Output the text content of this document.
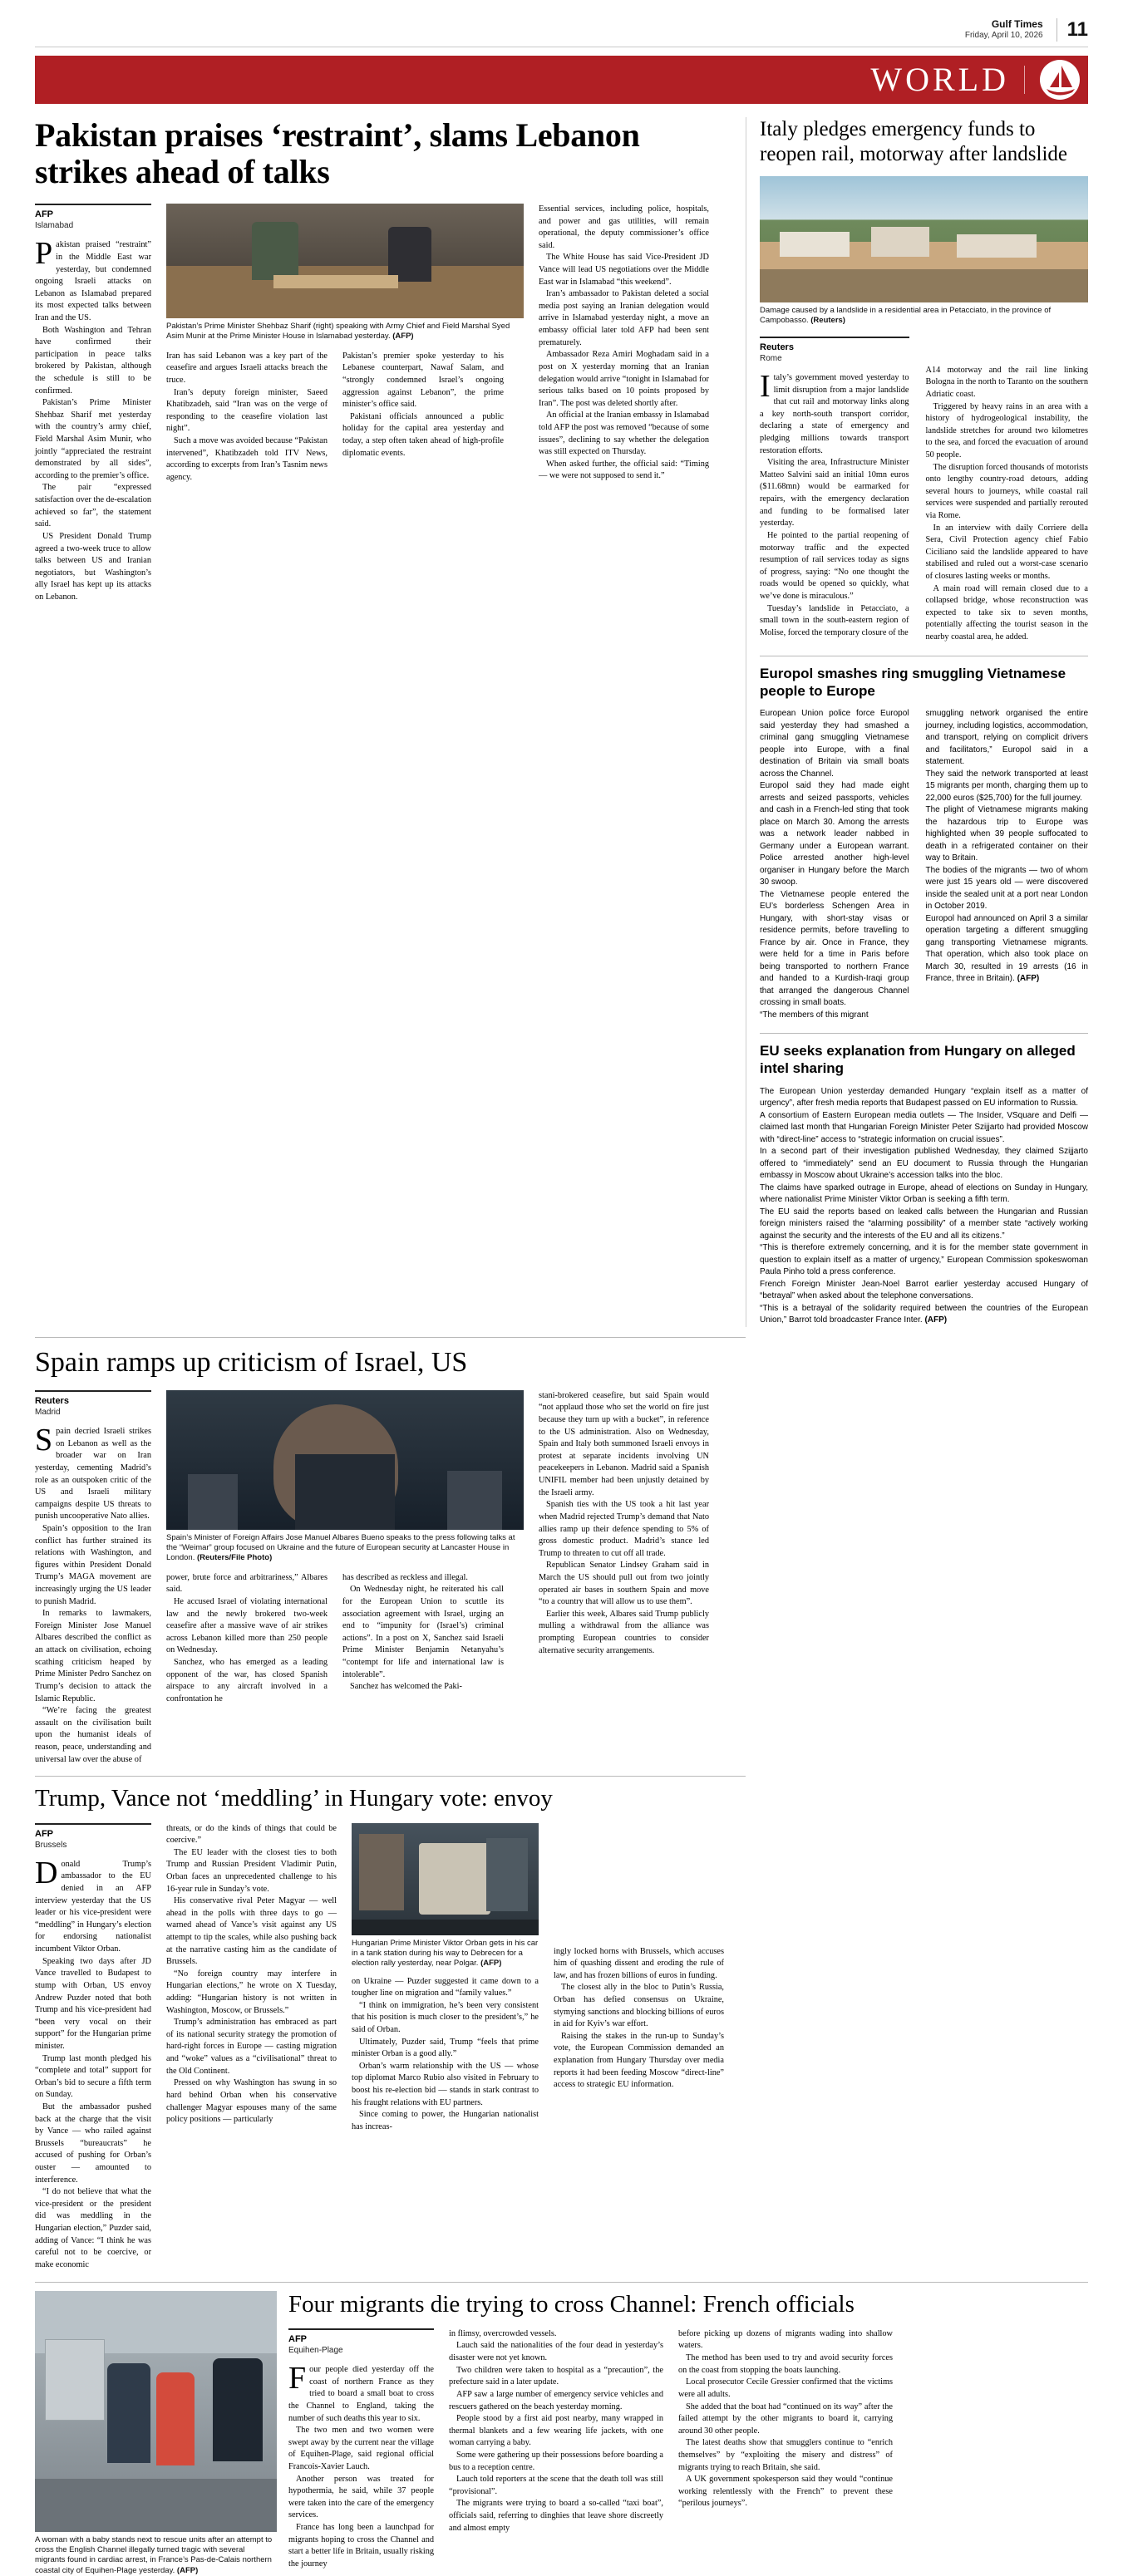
Gulf Times
Friday, April 10, 2026	11
WORLD
Pakistan praises ‘restraint’, slams Lebanon strikes ahead of talks
AFP
Islamabad

Pakistan praised “restraint” in the Middle East war yesterday, but condemned ongoing Israeli attacks on Lebanon as Islamabad prepared its most expected talks between Iran and the US.

Both Washington and Tehran have confirmed their participation in peace talks brokered by Pakistan, although the schedule is still to be confirmed.

Pakistan’s Prime Minister Shehbaz Sharif met yesterday with the country’s army chief, Field Marshal Asim Munir, who jointly “appreciated the restraint demonstrated by all sides”, according to the premier’s office.

The pair “expressed satisfaction over the de-escalation achieved so far”, the statement said.

US President Donald Trump agreed a two-week truce to allow talks between US and Iranian negotiators, but Washington’s ally Israel has kept up its attacks on Lebanon.

Pakistan’s Prime Minister Shehbaz Sharif (right) speaking with Army Chief and Field Marshal Syed Asim Munir at the Prime Minister House in Islamabad yesterday. (AFP)

Iran has said Lebanon was a key part of the ceasefire and argues Israeli attacks breach the truce.

Iran’s deputy foreign minister, Saeed Khatibzadeh, said “Iran was on the verge of responding to the ceasefire violation last night”.

Such a move was avoided because “Pakistan intervened”, Khatibzadeh told ITV News, according to excerpts from Iran’s Tasnim news agency.

Pakistan’s premier spoke yesterday to his Lebanese counterpart, Nawaf Salam, and “strongly condemned Israel’s ongoing aggression against Lebanon”, the prime minister’s office said.

Pakistani officials announced a public holiday for the capital area yesterday and today, a step often taken ahead of high-profile diplomatic events.

Essential services, including police, hospitals, and power and gas utilities, will remain operational, the deputy commissioner’s office said.

The White House has said Vice-President JD Vance will lead US negotiations over the Middle East war in Islamabad “this weekend”.

Iran’s ambassador to Pakistan deleted a social media post saying an Iranian delegation would arrive in Islamabad yesterday night, a move an embassy official later told AFP had been sent prematurely.

Ambassador Reza Amiri Moghadam said in a post on X yesterday morning that an Iranian delegation would arrive “tonight in Islamabad for serious talks based on 10 points proposed by Iran”. The post was deleted shortly after.

An official at the Iranian embassy in Islamabad told AFP the post was removed “because of some issues”, declining to say whether the delegation was still expected on Thursday.

When asked further, the official said: “Timing — we were not supposed to send it.”

Italy pledges emergency funds to reopen rail, motorway after landslide

Damage caused by a landslide in a residential area in Petacciato, in the province of Campobasso. (Reuters)

Reuters
Rome

Italy’s government moved yesterday to limit disruption from a major landslide that cut rail and motorway links along a key north-south transport corridor, declaring a state of emergency and pledging millions towards transport restoration efforts.

Visiting the area, Infrastructure Minister Matteo Salvini said an initial 10mn euros ($11.68mn) would be earmarked for repairs, with the emergency declaration and funding to be formalised later yesterday.

He pointed to the partial reopening of motorway traffic and the expected resumption of rail services today as signs of progress, saying: “No one thought the roads would be opened so quickly, what we’ve done is miraculous.”

Tuesday’s landslide in Petacciato, a small town in the south-eastern region of Molise, forced the temporary closure of the

A14 motorway and the rail line linking Bologna in the north to Taranto on the southern Adriatic coast.

Triggered by heavy rains in an area with a history of hydrogeological instability, the landslide stretches for around two kilometres to the sea, and forced the evacuation of around 50 people.

The disruption forced thousands of motorists onto lengthy country-road detours, adding several hours to journeys, while coastal rail services were suspended and partially rerouted via Rome.

In an interview with daily Corriere della Sera, Civil Protection agency chief Fabio Ciciliano said the landslide appeared to have stabilised and ruled out a worst-case scenario of closures lasting weeks or months.

A main road will remain closed due to a collapsed bridge, whose reconstruction was expected to take six to seven months, potentially affecting the tourist season in the nearby coastal area, he added.

Europol smashes ring smuggling Vietnamese people to Europe

European Union police force Europol said yesterday they had smashed a criminal gang smuggling Vietnamese people into Europe, with a final destination of Britain via small boats across the Channel.

Europol said they had made eight arrests and seized passports, vehicles and cash in a French-led sting that took place on March 30. Among the arrests was a network leader nabbed in Germany under a European warrant. Police arrested another high-level organiser in Hungary before the March 30 swoop.

The Vietnamese people entered the EU’s borderless Schengen Area in Hungary, with short-stay visas or residence permits, before travelling to France by air. Once in France, they were held for a time in Paris before being transported to northern France and handed to a Kurdish-Iraqi group that arranged the dangerous Channel crossing in small boats.

“The members of this migrant

smuggling network organised the entire journey, including logistics, accommodation, and transport, relying on complicit drivers and facilitators,” Europol said in a statement.

They said the network transported at least 15 migrants per month, charging them up to 22,000 euros ($25,700) for the full journey.

The plight of Vietnamese migrants making the hazardous trip to Europe was highlighted when 39 people suffocated to death in a refrigerated container on their way to Britain.

The bodies of the migrants — two of whom were just 15 years old — were discovered inside the sealed unit at a port near London in October 2019.

Europol had announced on April 3 a similar operation targeting a different smuggling gang transporting Vietnamese migrants. That operation, which also took place on March 30, resulted in 19 arrests (16 in France, three in Britain). (AFP)

EU seeks explanation from Hungary on alleged intel sharing

The European Union yesterday demanded Hungary “explain itself as a matter of urgency”, after fresh media reports that Budapest passed on EU information to Russia.

A consortium of Eastern European media outlets — The Insider, VSquare and Delfi — claimed last month that Hungarian Foreign Minister Peter Szijjarto had provided Moscow with “direct-line” access to “strategic information on crucial issues”.

In a second part of their investigation published Wednesday, they claimed Szijjarto offered to “immediately” send an EU document to Russia through the Hungarian embassy in Moscow about Ukraine’s accession talks into the bloc.

The claims have sparked outrage in Europe, ahead of elections on Sunday in Hungary, where nationalist Prime Minister Viktor Orban is seeking a fifth term.

The EU said the reports based on leaked calls between the Hungarian and Russian foreign ministers raised the “alarming possibility” of a member state “actively working against the security and the interests of the EU and all its citizens.”

“This is therefore extremely concerning, and it is for the member state government in question to explain itself as a matter of urgency,” European Commission spokeswoman Paula Pinho told a press conference.

French Foreign Minister Jean-Noel Barrot earlier yesterday accused Hungary of “betrayal” when asked about the telephone conversations.

“This is a betrayal of the solidarity required between the countries of the European Union,” Barrot told broadcaster France Inter. (AFP)

Spain ramps up criticism of Israel, US
Reuters
Madrid

Spain decried Israeli strikes on Lebanon as well as the broader war on Iran yesterday, cementing Madrid’s role as an outspoken critic of the US and Israeli military campaigns despite US threats to punish uncooperative Nato allies.

Spain’s opposition to the Iran conflict has further strained its relations with Washington, and figures within President Donald Trump’s MAGA movement are increasingly urging the US leader to punish Madrid.

In remarks to lawmakers, Foreign Minister Jose Manuel Albares described the conflict as an attack on civilisation, echoing scathing criticism heaped by Prime Minister Pedro Sanchez on Trump’s decision to attack the Islamic Republic.

“We’re facing the greatest assault on the civilisation built upon the humanist ideals of reason, peace, understanding and universal law over the abuse of

Spain’s Minister of Foreign Affairs Jose Manuel Albares Bueno speaks to the press following talks at the “Weimar” group focused on Ukraine and the future of European security at Lancaster House in London. (Reuters/File Photo)

power, brute force and arbitrariness,” Albares said.

He accused Israel of violating international law and the newly brokered two-week ceasefire after a massive wave of air strikes across Lebanon killed more than 250 people on Wednesday.

Sanchez, who has emerged as a leading opponent of the war, has closed Spanish airspace to any aircraft involved in a confrontation he

has described as reckless and illegal.

On Wednesday night, he reiterated his call for the European Union to scuttle its association agreement with Israel, urging an end to “impunity for (Israel’s) criminal actions”. In a post on X, Sanchez said Israeli Prime Minister Benjamin Netanyahu’s “contempt for life and international law is intolerable”.

Sanchez has welcomed the Paki-

stani-brokered ceasefire, but said Spain would “not applaud those who set the world on fire just because they turn up with a bucket”, in reference to the US administration. Also on Wednesday, Spain and Italy both summoned Israeli envoys in protest at separate incidents involving UN peacekeepers in Lebanon. Madrid said a Spanish UNIFIL member had been unjustly detained by the Israeli army.

Spanish ties with the US took a hit last year when Madrid rejected Trump’s demand that Nato allies ramp up their defence spending to 5% of gross domestic product. Madrid’s stance led Trump to threaten to cut off all trade.

Republican Senator Lindsey Graham said in March the US should pull out from two jointly operated air bases in southern Spain and move “to a country that will allow us to use them”.

Earlier this week, Albares said Trump publicly mulling a withdrawal from the alliance was prompting European countries to consider alternative security arrangements.

Trump, Vance not ‘meddling’ in Hungary vote: envoy
AFP
Brussels

Donald Trump’s ambassador to the EU denied in an AFP interview yesterday that the US leader or his vice-president were “meddling” in Hungary’s election for endorsing nationalist incumbent Viktor Orban.

Speaking two days after JD Vance travelled to Budapest to stump with Orban, US envoy Andrew Puzder noted that both Trump and his vice-president had “been very vocal on their support” for the Hungarian prime minister.

Trump last month pledged his “complete and total” support for Orban’s bid to secure a fifth term on Sunday.

But the ambassador pushed back at the charge that the visit by Vance — who railed against Brussels “bureaucrats” he accused of pushing for Orban’s ouster — amounted to interference.

“I do not believe that what the vice-president or the president did was meddling in the Hungarian election,” Puzder said, adding of Vance: “I think he was careful not to be coercive, or make economic

threats, or do the kinds of things that could be coercive.”

The EU leader with the closest ties to both Trump and Russian President Vladimir Putin, Orban faces an unprecedented challenge to his 16-year rule in Sunday’s vote.

His conservative rival Peter Magyar — well ahead in the polls with three days to go — warned ahead of Vance’s visit against any US attempt to tip the scales, while also pushing back at the narrative casting him as the candidate of Brussels.

“No foreign country may interfere in Hungarian elections,” he wrote on X Tuesday, adding: “Hungarian history is not written in Washington, Moscow, or Brussels.”

Trump’s administration has embraced as part of its national security strategy the promotion of hard-right forces in Europe — casting migration and “woke” values as a “civilisational” threat to the Old Continent.

Pressed on why Washington has swung in so hard behind Orban when his conservative challenger Magyar espouses many of the same policy positions — particularly

Hungarian Prime Minister Viktor Orban gets in his car in a tank station during his way to Debrecen for a election rally yesterday, near Polgar. (AFP)

on Ukraine — Puzder suggested it came down to a tougher line on migration and “family values.”

“I think on immigration, he’s been very consistent that his position is much closer to the president’s,” he said of Orban.

Ultimately, Puzder said, Trump “feels that prime minister Orban is a good ally.”

Orban’s warm relationship with the US — whose top diplomat Marco Rubio also visited in February to boost his re-election bid — stands in stark contrast to his fraught relations with EU partners.

Since coming to power, the Hungarian nationalist has increas-

ingly locked horns with Brussels, which accuses him of quashing dissent and eroding the rule of law, and has frozen billions of euros in funding.

The closest ally in the bloc to Putin’s Russia, Orban has defied consensus on Ukraine, stymying sanctions and blocking billions of euros in aid for Kyiv’s war effort.

Raising the stakes in the run-up to Sunday’s vote, the European Commission demanded an explanation from Hungary Thursday over media reports it had been feeding Moscow “direct-line” access to strategic EU information.

A woman with a baby stands next to rescue units after an attempt to cross the English Channel illegally turned tragic with several migrants found in cardiac arrest, in France’s Pas-de-Calais northern coastal city of Equihen-Plage yesterday. (AFP)

Four migrants die trying to cross Channel: French officials
AFP
Equihen-Plage

Four people died yesterday off the coast of northern France as they tried to board a small boat to cross the Channel to England, taking the number of such deaths this year to six.

The two men and two women were swept away by the current near the village of Equihen-Plage, said regional official Francois-Xavier Lauch.

Another person was treated for hypothermia, he said, while 37 people were taken into the care of the emergency services.

France has long been a launchpad for migrants hoping to cross the Channel and start a better life in Britain, usually risking the journey

in flimsy, overcrowded vessels.

Lauch said the nationalities of the four dead in yesterday’s disaster were not yet known.

Two children were taken to hospital as a “precaution”, the prefecture said in a later update.

AFP saw a large number of emergency service vehicles and rescuers gathered on the beach yesterday morning.

People stood by a first aid post nearby, many wrapped in thermal blankets and a few wearing life jackets, with one woman carrying a baby.

Some were gathering up their possessions before boarding a bus to a reception centre.

Lauch told reporters at the scene that the death toll was still “provisional”.

The migrants were trying to board a so-called “taxi boat”, officials said, referring to dinghies that leave shore discreetly and almost empty

before picking up dozens of migrants wading into shallow waters.

The method has been used to try and avoid security forces on the coast from stopping the boats launching.

Local prosecutor Cecile Gressier confirmed that the victims were all adults.

She added that the boat had “continued on its way” after the failed attempt by the other migrants to board it, carrying around 30 other people.

The latest deaths show that smugglers continue to “enrich themselves” by “exploiting the misery and distress” of migrants trying to reach Britain, she said.

A UK government spokesperson said they would “continue working relentlessly with the French” to prevent these “perilous journeys”.
